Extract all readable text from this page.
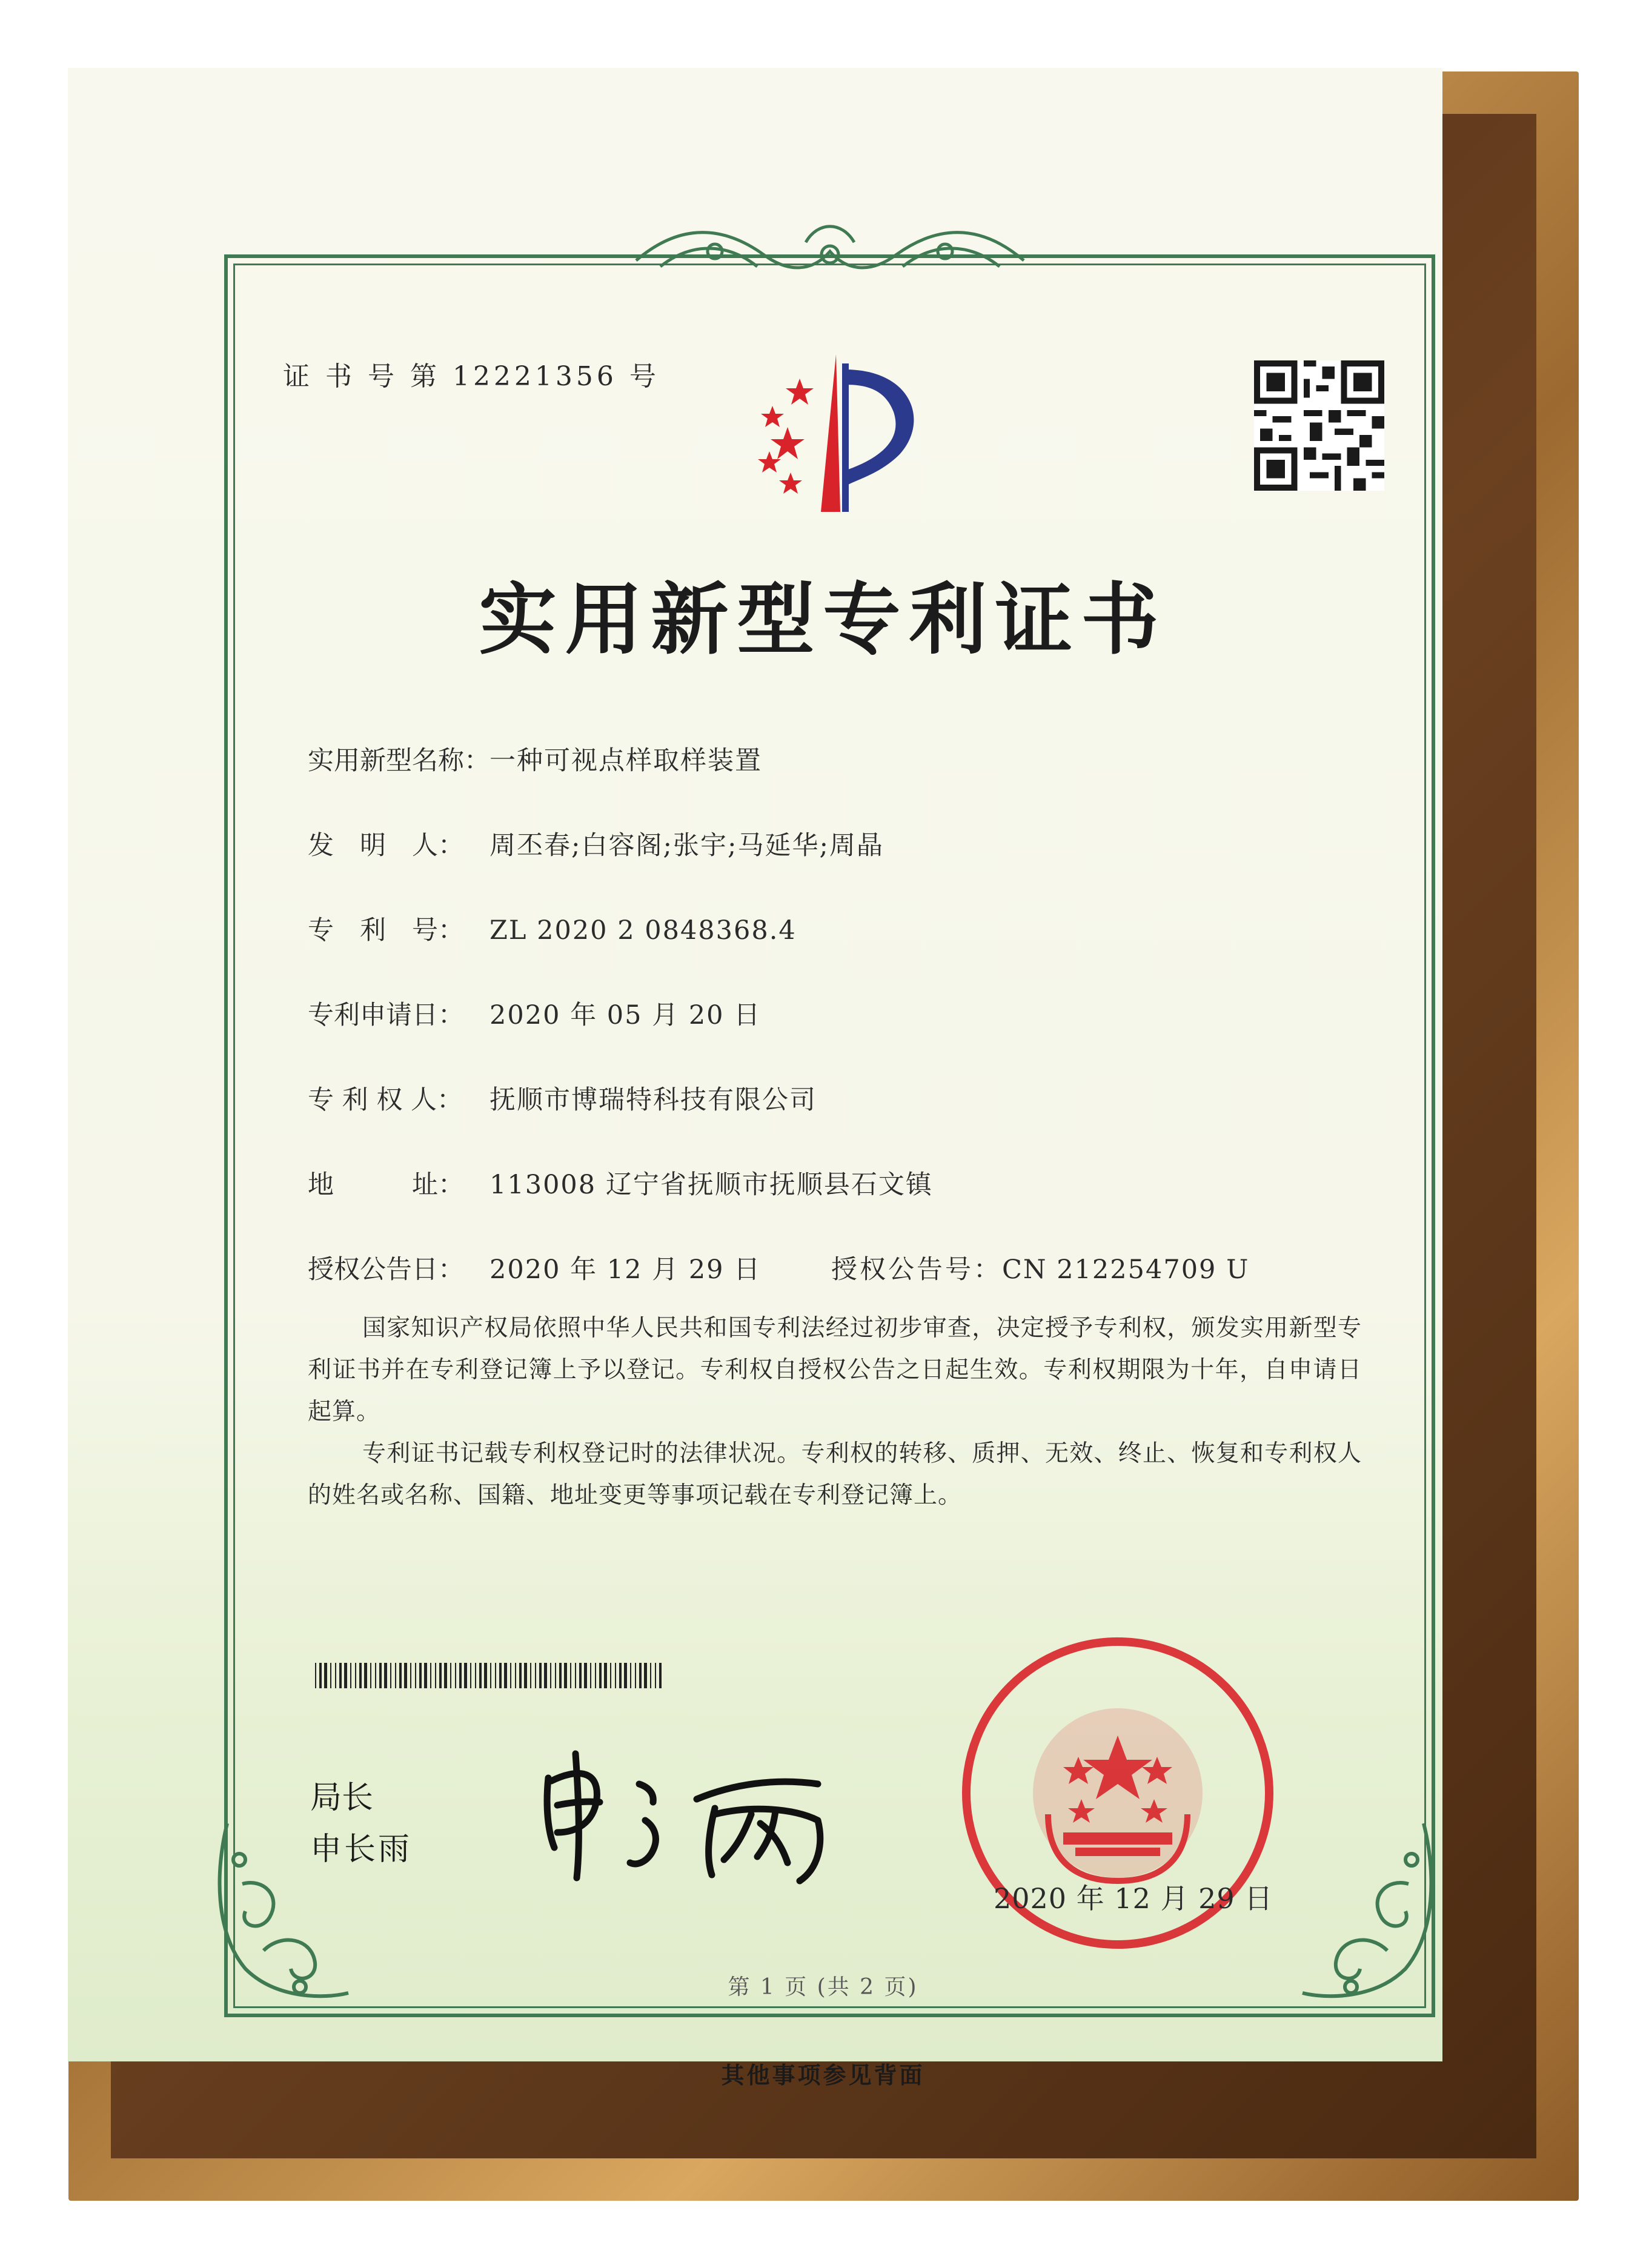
证 书 号 第 12221356 号
实用新型专利证书
实用新型名称：一种可视点样取样装置
发　明　人： 周丕春;白容阁;张宇;马延华;周晶
专　利　号： ZL 2020 2 0848368.4
专利申请日： 2020 年 05 月 20 日
专 利 权 人： 抚顺市博瑞特科技有限公司
地　　　址： 113008 辽宁省抚顺市抚顺县石文镇
授权公告日： 2020 年 12 月 29 日	授权公告号：CN 212254709 U
国家知识产权局依照中华人民共和国专利法经过初步审查，决定授予专利权，颁发实用新型专利证书并在专利登记簿上予以登记。专利权自授权公告之日起生效。专利权期限为十年，自申请日起算。
专利证书记载专利权登记时的法律状况。专利权的转移、质押、无效、终止、恢复和专利权人的姓名或名称、国籍、地址变更等事项记载在专利登记簿上。
局长
申长雨
2020 年 12 月 29 日
第 1 页 (共 2 页)
其他事项参见背面
